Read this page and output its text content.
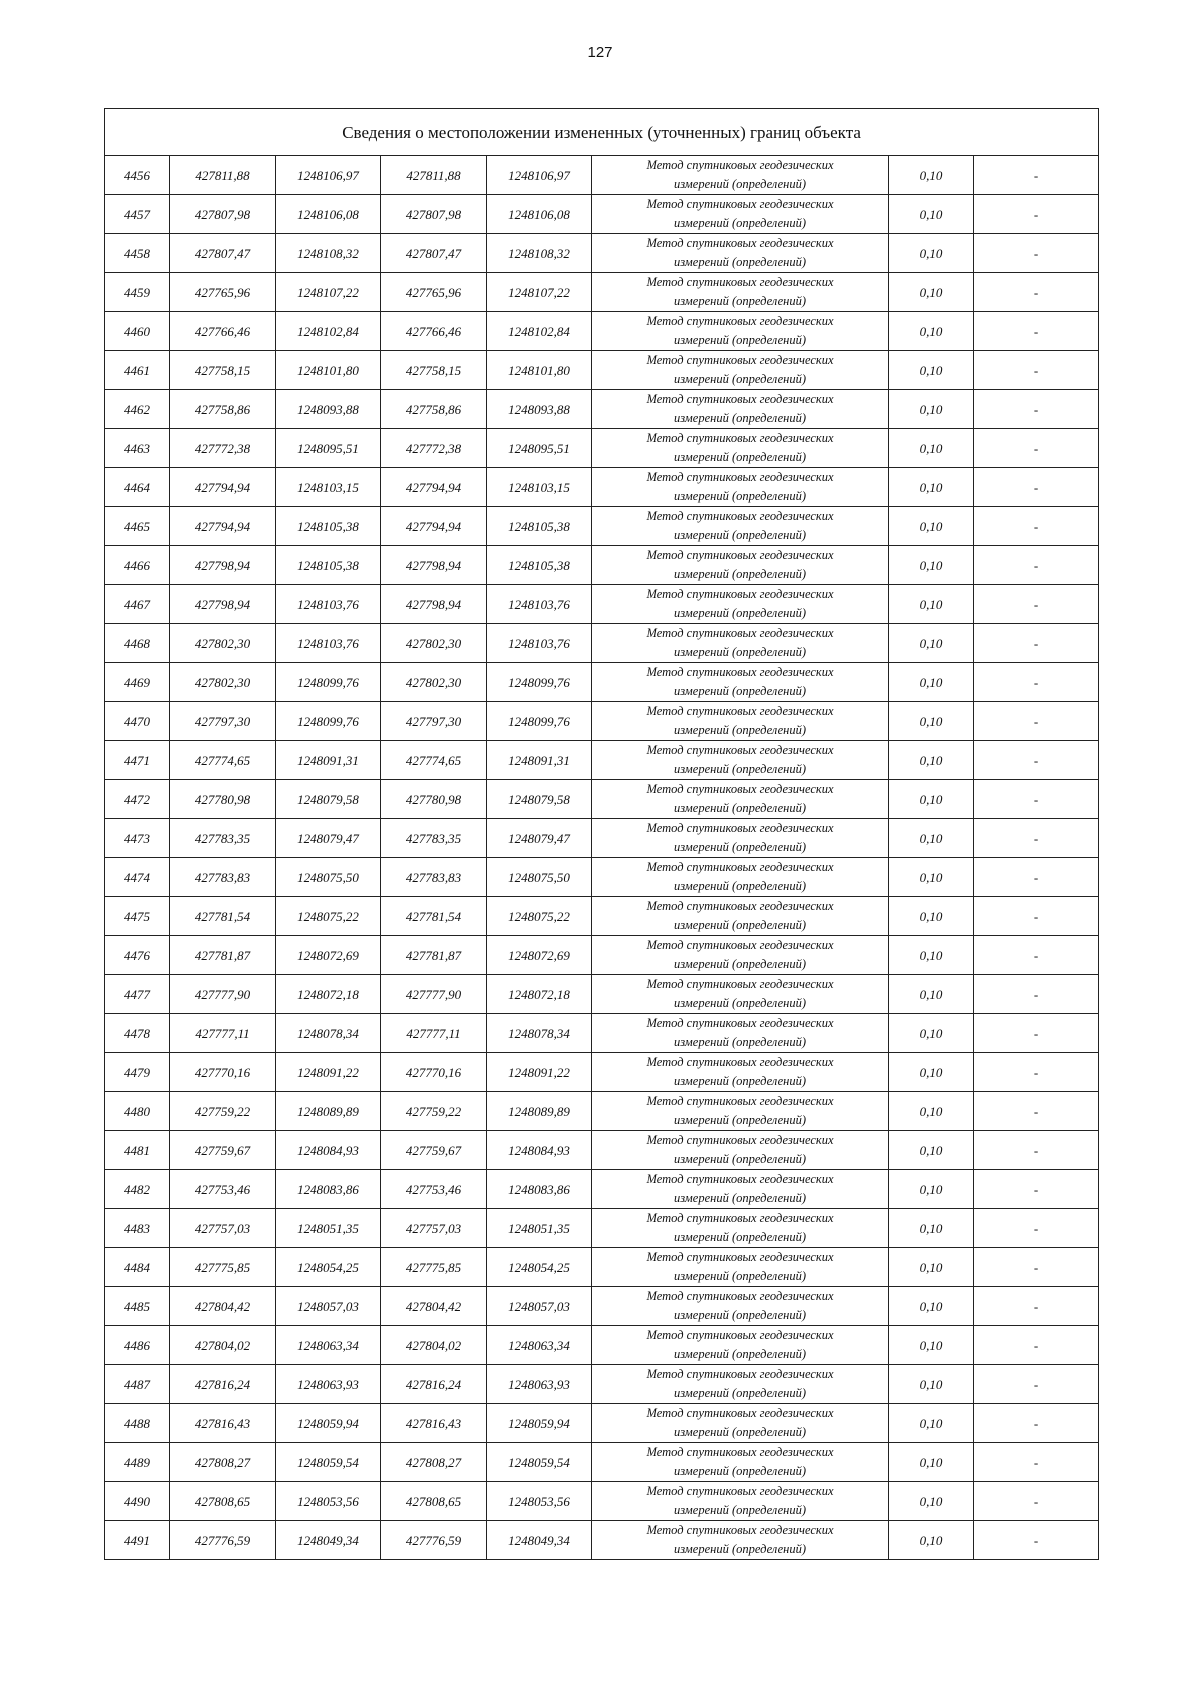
127
Сведения о местоположении измененных (уточненных) границ объекта							
4456	427811,88	1248106,97	427811,88	1248106,97	Метод спутниковых геодезических
измерений (определений)	0,10	-
4457	427807,98	1248106,08	427807,98	1248106,08	Метод спутниковых геодезических
измерений (определений)	0,10	-
4458	427807,47	1248108,32	427807,47	1248108,32	Метод спутниковых геодезических
измерений (определений)	0,10	-
4459	427765,96	1248107,22	427765,96	1248107,22	Метод спутниковых геодезических
измерений (определений)	0,10	-
4460	427766,46	1248102,84	427766,46	1248102,84	Метод спутниковых геодезических
измерений (определений)	0,10	-
4461	427758,15	1248101,80	427758,15	1248101,80	Метод спутниковых геодезических
измерений (определений)	0,10	-
4462	427758,86	1248093,88	427758,86	1248093,88	Метод спутниковых геодезических
измерений (определений)	0,10	-
4463	427772,38	1248095,51	427772,38	1248095,51	Метод спутниковых геодезических
измерений (определений)	0,10	-
4464	427794,94	1248103,15	427794,94	1248103,15	Метод спутниковых геодезических
измерений (определений)	0,10	-
4465	427794,94	1248105,38	427794,94	1248105,38	Метод спутниковых геодезических
измерений (определений)	0,10	-
4466	427798,94	1248105,38	427798,94	1248105,38	Метод спутниковых геодезических
измерений (определений)	0,10	-
4467	427798,94	1248103,76	427798,94	1248103,76	Метод спутниковых геодезических
измерений (определений)	0,10	-
4468	427802,30	1248103,76	427802,30	1248103,76	Метод спутниковых геодезических
измерений (определений)	0,10	-
4469	427802,30	1248099,76	427802,30	1248099,76	Метод спутниковых геодезических
измерений (определений)	0,10	-
4470	427797,30	1248099,76	427797,30	1248099,76	Метод спутниковых геодезических
измерений (определений)	0,10	-
4471	427774,65	1248091,31	427774,65	1248091,31	Метод спутниковых геодезических
измерений (определений)	0,10	-
4472	427780,98	1248079,58	427780,98	1248079,58	Метод спутниковых геодезических
измерений (определений)	0,10	-
4473	427783,35	1248079,47	427783,35	1248079,47	Метод спутниковых геодезических
измерений (определений)	0,10	-
4474	427783,83	1248075,50	427783,83	1248075,50	Метод спутниковых геодезических
измерений (определений)	0,10	-
4475	427781,54	1248075,22	427781,54	1248075,22	Метод спутниковых геодезических
измерений (определений)	0,10	-
4476	427781,87	1248072,69	427781,87	1248072,69	Метод спутниковых геодезических
измерений (определений)	0,10	-
4477	427777,90	1248072,18	427777,90	1248072,18	Метод спутниковых геодезических
измерений (определений)	0,10	-
4478	427777,11	1248078,34	427777,11	1248078,34	Метод спутниковых геодезических
измерений (определений)	0,10	-
4479	427770,16	1248091,22	427770,16	1248091,22	Метод спутниковых геодезических
измерений (определений)	0,10	-
4480	427759,22	1248089,89	427759,22	1248089,89	Метод спутниковых геодезических
измерений (определений)	0,10	-
4481	427759,67	1248084,93	427759,67	1248084,93	Метод спутниковых геодезических
измерений (определений)	0,10	-
4482	427753,46	1248083,86	427753,46	1248083,86	Метод спутниковых геодезических
измерений (определений)	0,10	-
4483	427757,03	1248051,35	427757,03	1248051,35	Метод спутниковых геодезических
измерений (определений)	0,10	-
4484	427775,85	1248054,25	427775,85	1248054,25	Метод спутниковых геодезических
измерений (определений)	0,10	-
4485	427804,42	1248057,03	427804,42	1248057,03	Метод спутниковых геодезических
измерений (определений)	0,10	-
4486	427804,02	1248063,34	427804,02	1248063,34	Метод спутниковых геодезических
измерений (определений)	0,10	-
4487	427816,24	1248063,93	427816,24	1248063,93	Метод спутниковых геодезических
измерений (определений)	0,10	-
4488	427816,43	1248059,94	427816,43	1248059,94	Метод спутниковых геодезических
измерений (определений)	0,10	-
4489	427808,27	1248059,54	427808,27	1248059,54	Метод спутниковых геодезических
измерений (определений)	0,10	-
4490	427808,65	1248053,56	427808,65	1248053,56	Метод спутниковых геодезических
измерений (определений)	0,10	-
4491	427776,59	1248049,34	427776,59	1248049,34	Метод спутниковых геодезических
измерений (определений)	0,10	-
